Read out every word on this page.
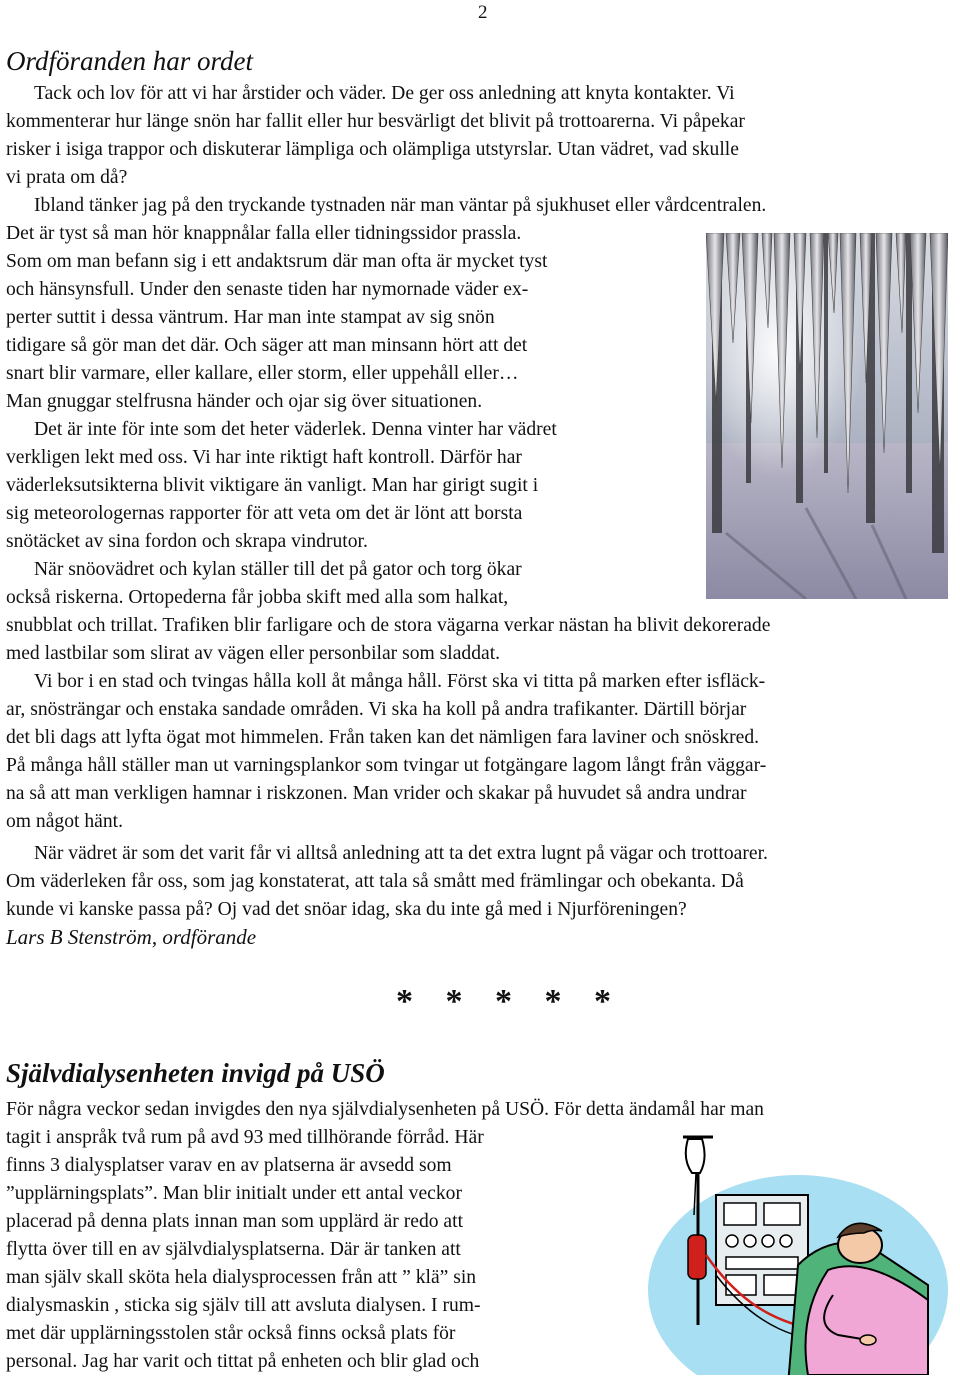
2
Ordföranden har ordet
Tack och lov för att vi har årstider och väder. De ger oss anledning att knyta kontakter. Vi
kommenterar hur länge snön har fallit eller hur besvärligt det blivit på trottoarerna. Vi påpekar
risker i isiga trappor och diskuterar lämpliga och olämpliga utstyrslar. Utan vädret, vad skulle
vi prata om då?
Ibland tänker jag på den tryckande tystnaden när man väntar på sjukhuset eller vårdcentralen.
Det är tyst så man hör knappnålar falla eller tidningssidor prassla.
Som om man befann sig i ett andaktsrum där man ofta är mycket tyst
och hänsynsfull. Under den senaste tiden har nymornade väder ex-
perter suttit i dessa väntrum. Har man inte stampat av sig snön
tidigare så gör man det där. Och säger att man minsann hört att det
snart blir varmare, eller kallare, eller storm, eller uppehåll eller…
Man gnuggar stelfrusna händer och ojar sig över situationen.
Det är inte för inte som det heter väderlek. Denna vinter har vädret
verkligen lekt med oss. Vi har inte riktigt haft kontroll. Därför har
väderleksutsikterna blivit viktigare än vanligt. Man har girigt sugit i
sig meteorologernas rapporter för att veta om det är lönt att borsta
snötäcket av sina fordon och skrapa vindrutor.
När snöovädret och kylan ställer till det på gator och torg ökar
också riskerna. Ortopederna får jobba skift med alla som halkat,
snubblat och trillat. Trafiken blir farligare och de stora vägarna verkar nästan ha blivit dekorerade
med lastbilar som slirat av vägen eller personbilar som sladdat.
Vi bor i en stad och tvingas hålla koll åt många håll. Först ska vi titta på marken efter isfläck-
ar, snösträngar och enstaka sandade områden. Vi ska ha koll på andra trafikanter. Därtill börjar
det bli dags att lyfta ögat mot himmelen. Från taken kan det nämligen fara laviner och snöskred.
På många håll ställer man ut varningsplankor som tvingar ut fotgängare lagom långt från väggar-
na så att man verkligen hamnar i riskzonen. Man vrider och skakar på huvudet så andra undrar
om något hänt.
När vädret är som det varit får vi alltså anledning att ta det extra lugnt på vägar och trottoarer.
Om väderleken får oss, som jag konstaterat, att tala så smått med främlingar och obekanta. Då
kunde vi kanske passa på? Oj vad det snöar idag, ska du inte gå med i Njurföreningen?
Lars B Stenström, ordförande
* * * * *
Självdialysenheten invigd på USÖ
För några veckor sedan invigdes den nya självdialysenheten på USÖ. För detta ändamål har man
tagit i anspråk två rum på avd 93 med tillhörande förråd. Här
finns 3 dialysplatser varav en av platserna är avsedd som
”upplärningsplats”. Man blir initialt under ett antal veckor
placerad på denna plats innan man som upplärd är redo att
flytta över till en av självdialysplatserna. Där är tanken att
man själv skall sköta hela dialysprocessen från att ” klä” sin
dialysmaskin , sticka sig själv till att avsluta dialysen. I rum-
met där upplärningsstolen står också finns också plats för
personal. Jag har varit och tittat på enheten och blir glad och
